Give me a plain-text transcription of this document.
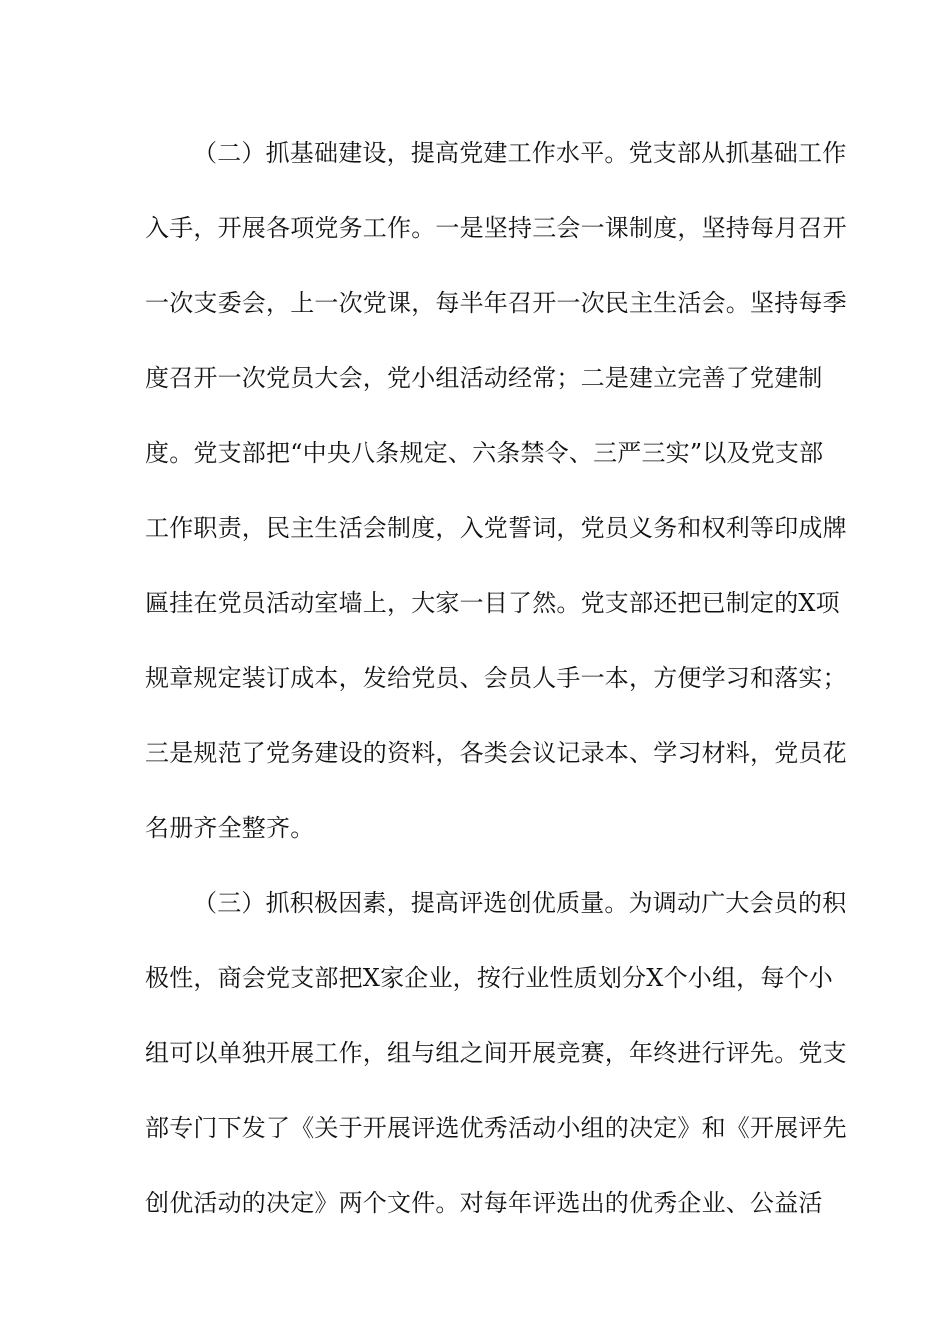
（二）抓基础建设，提高党建工作水平。党支部从抓基础工作
入手，开展各项党务工作。一是坚持三会一课制度，坚持每月召开
一次支委会，上一次党课，每半年召开一次民主生活会。坚持每季
度召开一次党员大会，党小组活动经常；二是建立完善了党建制
度。党支部把“中央八条规定、六条禁令、三严三实”以及党支部
工作职责，民主生活会制度，入党誓词，党员义务和权利等印成牌
匾挂在党员活动室墙上，大家一目了然。党支部还把已制定的X项
规章规定装订成本，发给党员、会员人手一本，方便学习和落实；
三是规范了党务建设的资料，各类会议记录本、学习材料，党员花
名册齐全整齐。
（三）抓积极因素，提高评选创优质量。为调动广大会员的积
极性，商会党支部把X家企业，按行业性质划分X个小组，每个小
组可以单独开展工作，组与组之间开展竞赛，年终进行评先。党支
部专门下发了《关于开展评选优秀活动小组的决定》和《开展评先
创优活动的决定》两个文件。对每年评选出的优秀企业、公益活
